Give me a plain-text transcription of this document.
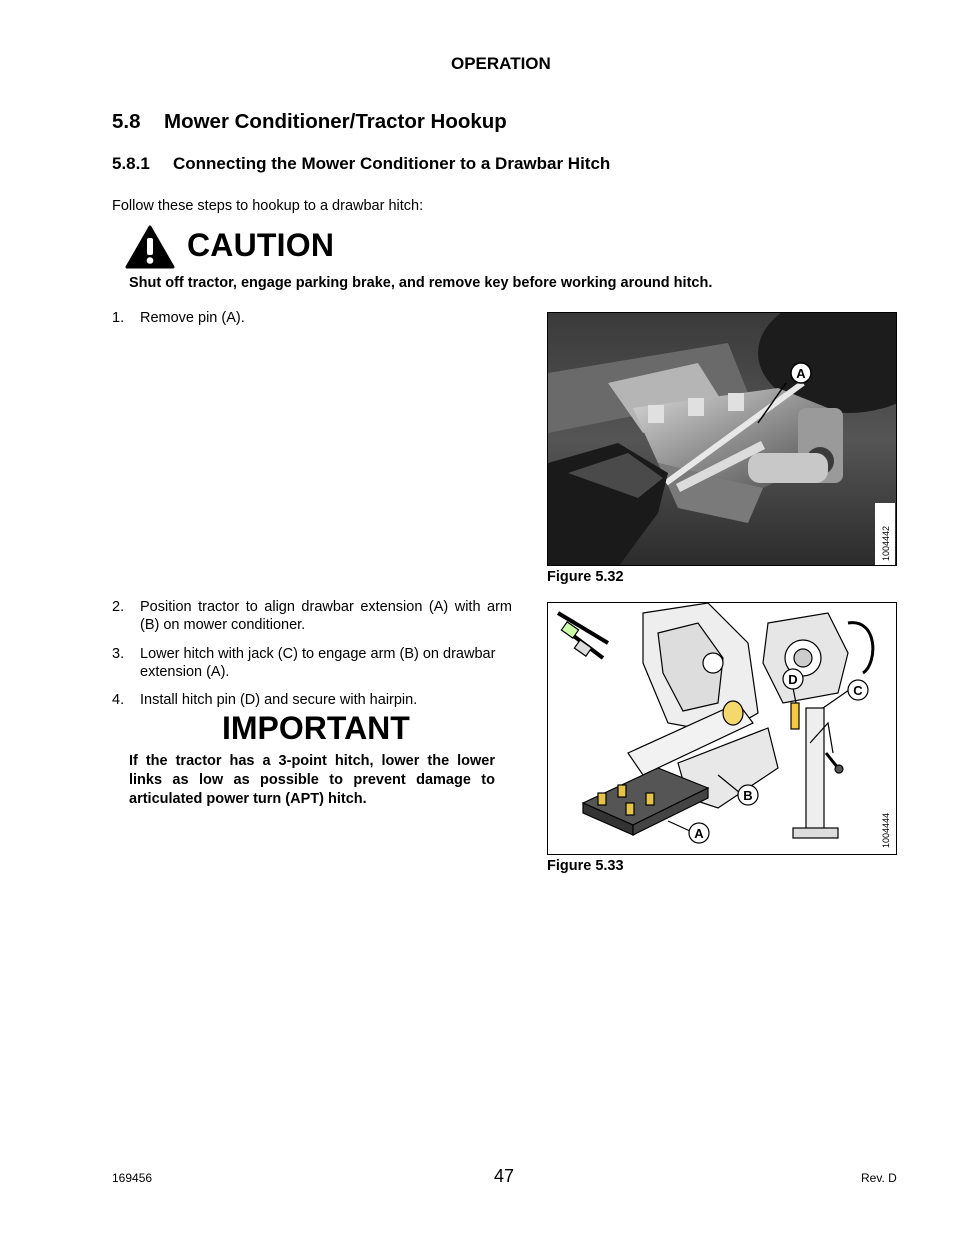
OPERATION
5.8 Mower Conditioner/Tractor Hookup
5.8.1 Connecting the Mower Conditioner to a Drawbar Hitch
Follow these steps to hookup to a drawbar hitch:
CAUTION
Shut off tractor, engage parking brake, and remove key before working around hitch.
1.	Remove pin (A).
2.	Position tractor to align drawbar extension (A) with arm (B) on mower conditioner.
3.	Lower hitch with jack (C) to engage arm (B) on drawbar extension (A).
4.	Install hitch pin (D) and secure with hairpin.
IMPORTANT
If the tractor has a 3-point hitch, lower the lower links as low as possible to prevent damage to articulated power turn (APT) hitch.
A
1004442
Figure 5.32
D
C
B
A	1004444
Figure 5.33
169456	47	Rev. D
